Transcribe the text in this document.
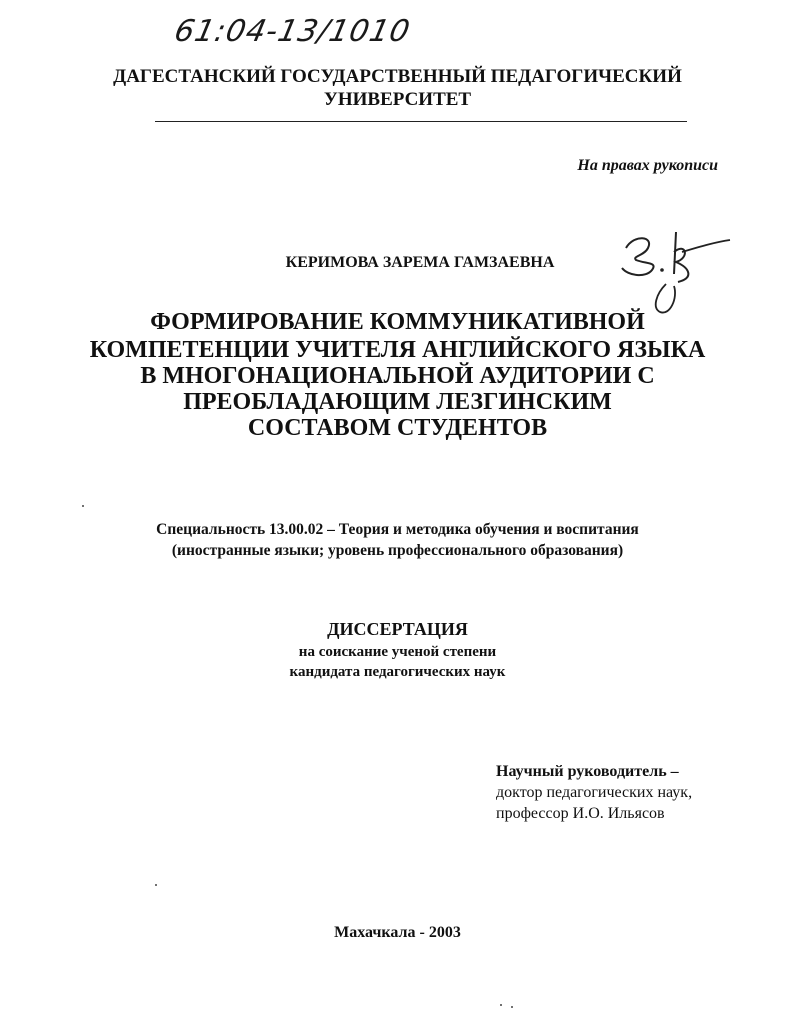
61:04-13/1010
ДАГЕСТАНСКИЙ ГОСУДАРСТВЕННЫЙ ПЕДАГОГИЧЕСКИЙ
УНИВЕРСИТЕТ
На правах рукописи
КЕРИМОВА ЗАРЕМА ГАМЗАЕВНА
ФОРМИРОВАНИЕ КОММУНИКАТИВНОЙ
КОМПЕТЕНЦИИ УЧИТЕЛЯ АНГЛИЙСКОГО ЯЗЫКА
В МНОГОНАЦИОНАЛЬНОЙ АУДИТОРИИ С
ПРЕОБЛАДАЮЩИМ ЛЕЗГИНСКИМ
СОСТАВОМ СТУДЕНТОВ
Специальность 13.00.02 – Теория и методика обучения и воспитания
(иностранные языки; уровень профессионального образования)
ДИССЕРТАЦИЯ
на соискание ученой степени
кандидата педагогических наук
Научный руководитель –
доктор педагогических наук,
профессор И.О. Ильясов
Махачкала - 2003
